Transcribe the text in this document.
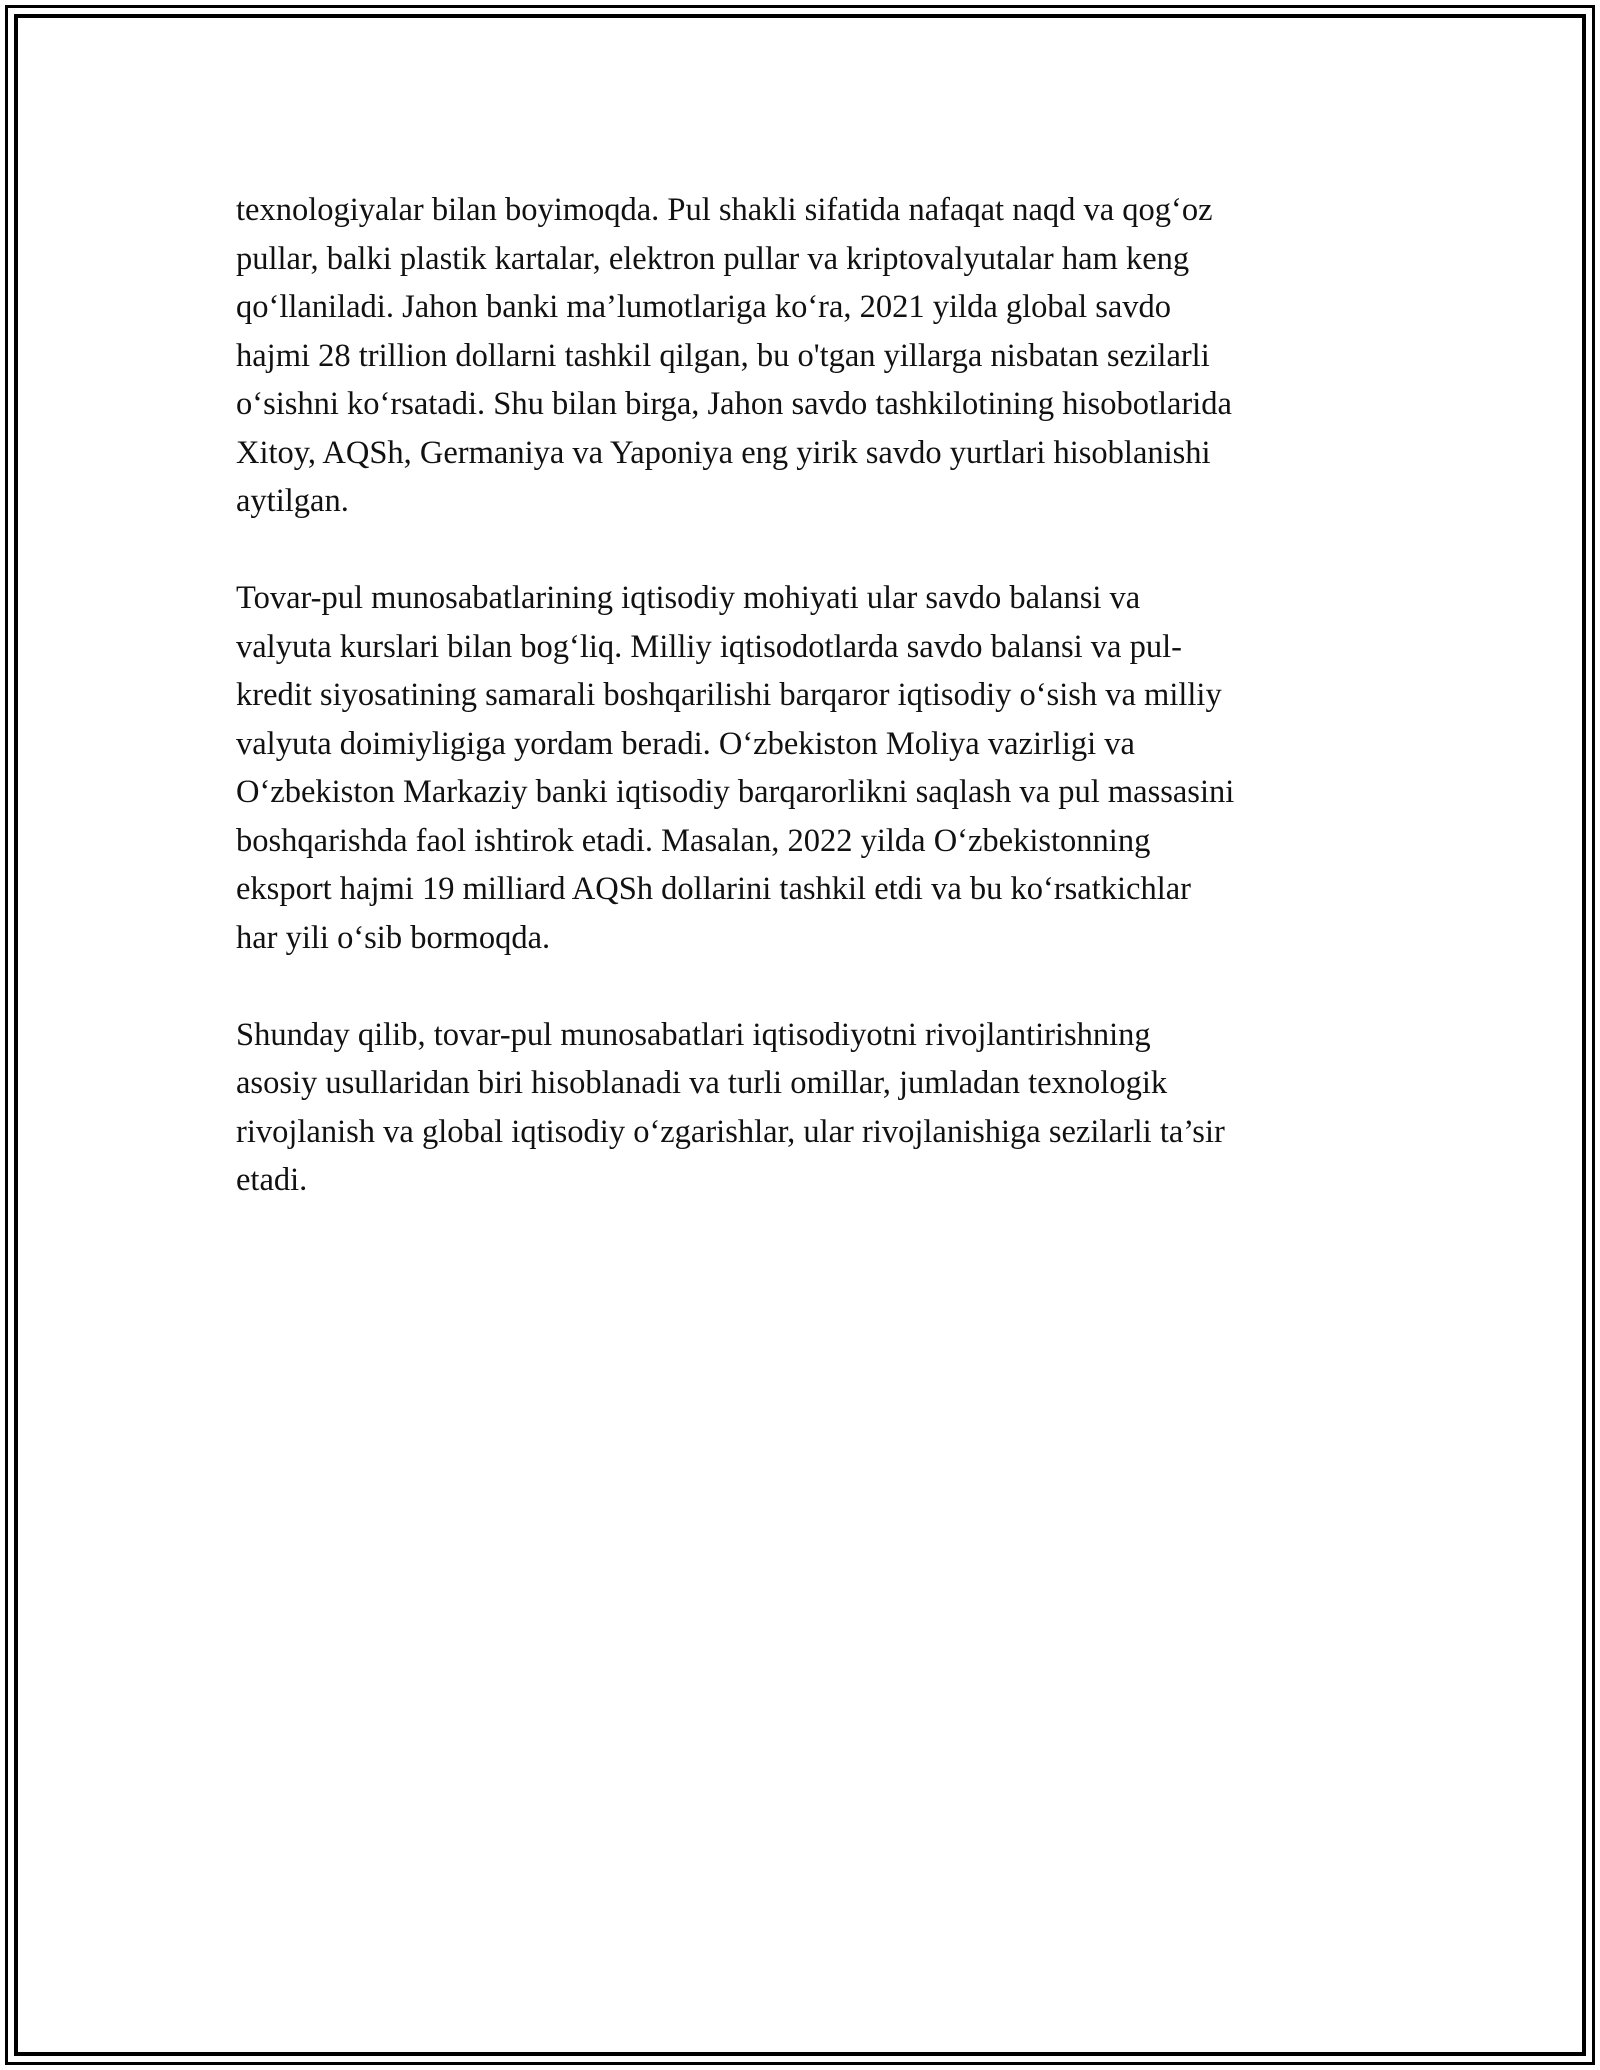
texnologiyalar bilan boyimoqda. Pul shakli sifatida nafaqat naqd va qog‘oz
pullar, balki plastik kartalar, elektron pullar va kriptovalyutalar ham keng
qo‘llaniladi. Jahon banki ma’lumotlariga ko‘ra, 2021 yilda global savdo
hajmi 28 trillion dollarni tashkil qilgan, bu o'tgan yillarga nisbatan sezilarli
o‘sishni ko‘rsatadi. Shu bilan birga, Jahon savdo tashkilotining hisobotlarida
Xitoy, AQSh, Germaniya va Yaponiya eng yirik savdo yurtlari hisoblanishi
aytilgan.

Tovar-pul munosabatlarining iqtisodiy mohiyati ular savdo balansi va
valyuta kurslari bilan bog‘liq. Milliy iqtisodotlarda savdo balansi va pul-
kredit siyosatining samarali boshqarilishi barqaror iqtisodiy o‘sish va milliy
valyuta doimiyligiga yordam beradi. O‘zbekiston Moliya vazirligi va
O‘zbekiston Markaziy banki iqtisodiy barqarorlikni saqlash va pul massasini
boshqarishda faol ishtirok etadi. Masalan, 2022 yilda O‘zbekistonning
eksport hajmi 19 milliard AQSh dollarini tashkil etdi va bu ko‘rsatkichlar
har yili o‘sib bormoqda.

Shunday qilib, tovar-pul munosabatlari iqtisodiyotni rivojlantirishning
asosiy usullaridan biri hisoblanadi va turli omillar, jumladan texnologik
rivojlanish va global iqtisodiy o‘zgarishlar, ular rivojlanishiga sezilarli ta’sir
etadi.
